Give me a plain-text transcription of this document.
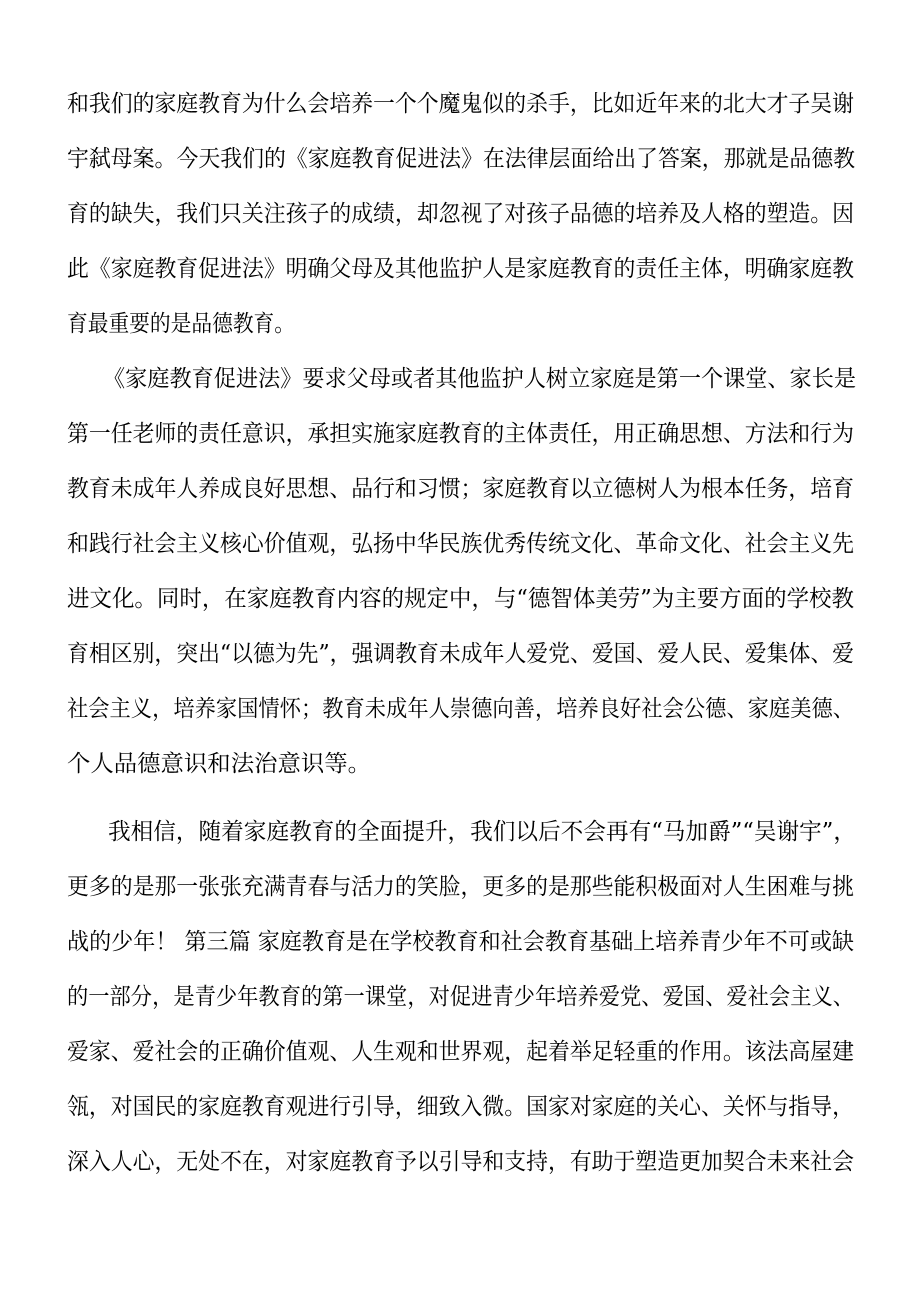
和我们的家庭教育为什么会培养一个个魔鬼似的杀手，比如近年来的北大才子吴谢
宇弑母案。今天我们的《家庭教育促进法》在法律层面给出了答案，那就是品德教
育的缺失，我们只关注孩子的成绩，却忽视了对孩子品德的培养及人格的塑造。因
此《家庭教育促进法》明确父母及其他监护人是家庭教育的责任主体，明确家庭教
育最重要的是品德教育。
《家庭教育促进法》要求父母或者其他监护人树立家庭是第一个课堂、家长是
第一任老师的责任意识，承担实施家庭教育的主体责任，用正确思想、方法和行为
教育未成年人养成良好思想、品行和习惯；家庭教育以立德树人为根本任务，培育
和践行社会主义核心价值观，弘扬中华民族优秀传统文化、革命文化、社会主义先
进文化。同时，在家庭教育内容的规定中，与“德智体美劳”为主要方面的学校教
育相区别，突出“以德为先”，强调教育未成年人爱党、爱国、爱人民、爱集体、爱
社会主义，培养家国情怀；教育未成年人崇德向善，培养良好社会公德、家庭美德、
个人品德意识和法治意识等。
我相信，随着家庭教育的全面提升，我们以后不会再有“马加爵”“吴谢宇”，
更多的是那一张张充满青春与活力的笑脸，更多的是那些能积极面对人生困难与挑
战的少年！ 第三篇 家庭教育是在学校教育和社会教育基础上培养青少年不可或缺
的一部分，是青少年教育的第一课堂，对促进青少年培养爱党、爱国、爱社会主义、
爱家、爱社会的正确价值观、人生观和世界观，起着举足轻重的作用。该法高屋建
瓴，对国民的家庭教育观进行引导，细致入微。国家对家庭的关心、关怀与指导，
深入人心，无处不在，对家庭教育予以引导和支持，有助于塑造更加契合未来社会
